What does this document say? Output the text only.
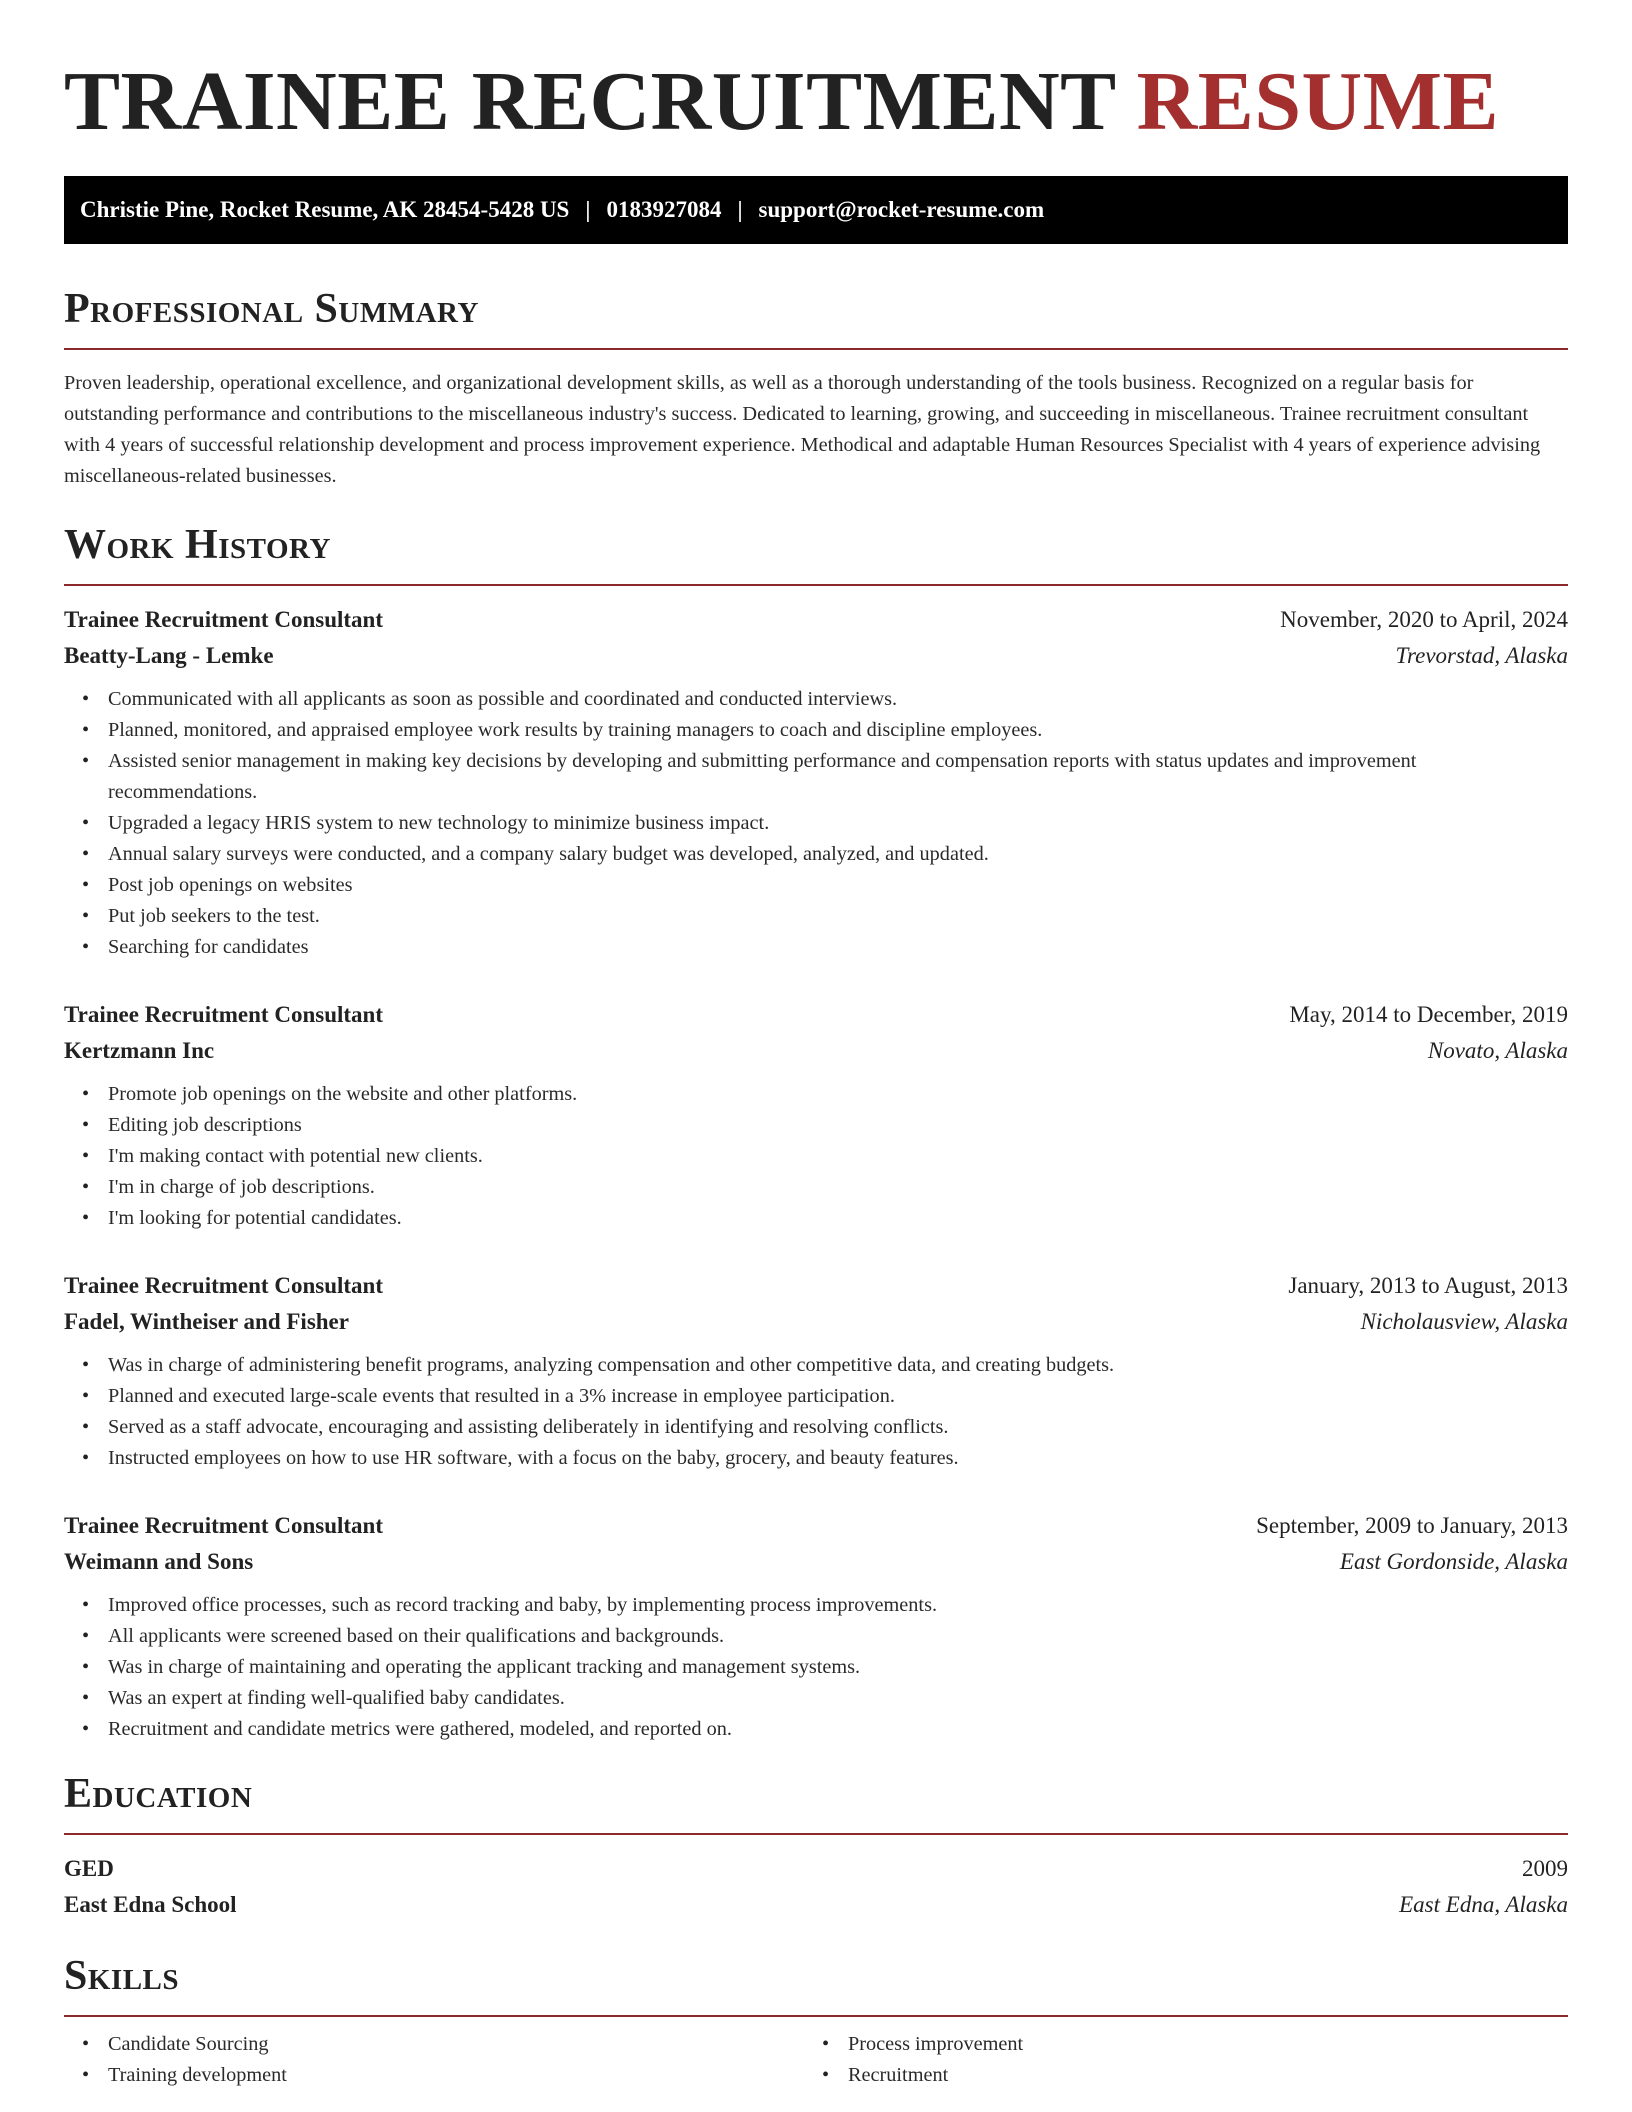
TRAINEE RECRUITMENT RESUME
Christie Pine, Rocket Resume, AK 28454-5428 US | 0183927084 | support@rocket-resume.com
Professional Summary

Proven leadership, operational excellence, and organizational development skills, as well as a thorough understanding of the tools business. Recognized on a regular basis for outstanding performance and contributions to the miscellaneous industry's success. Dedicated to learning, growing, and succeeding in miscellaneous. Trainee recruitment consultant with 4 years of successful relationship development and process improvement experience. Methodical and adaptable Human Resources Specialist with 4 years of experience advising miscellaneous-related businesses.

Work History
Trainee Recruitment Consultant	November, 2020 to April, 2024
Beatty-Lang - Lemke	Trevorstad, Alaska
• Communicated with all applicants as soon as possible and coordinated and conducted interviews.
• Planned, monitored, and appraised employee work results by training managers to coach and discipline employees.
• Assisted senior management in making key decisions by developing and submitting performance and compensation reports with status updates and improvement recommendations.
• Upgraded a legacy HRIS system to new technology to minimize business impact.
• Annual salary surveys were conducted, and a company salary budget was developed, analyzed, and updated.
• Post job openings on websites
• Put job seekers to the test.
• Searching for candidates
Trainee Recruitment Consultant	May, 2014 to December, 2019
Kertzmann Inc	Novato, Alaska
• Promote job openings on the website and other platforms.
• Editing job descriptions
• I'm making contact with potential new clients.
• I'm in charge of job descriptions.
• I'm looking for potential candidates.
Trainee Recruitment Consultant	January, 2013 to August, 2013
Fadel, Wintheiser and Fisher	Nicholausview, Alaska
• Was in charge of administering benefit programs, analyzing compensation and other competitive data, and creating budgets.
• Planned and executed large-scale events that resulted in a 3% increase in employee participation.
• Served as a staff advocate, encouraging and assisting deliberately in identifying and resolving conflicts.
• Instructed employees on how to use HR software, with a focus on the baby, grocery, and beauty features.
Trainee Recruitment Consultant	September, 2009 to January, 2013
Weimann and Sons	East Gordonside, Alaska
• Improved office processes, such as record tracking and baby, by implementing process improvements.
• All applicants were screened based on their qualifications and backgrounds.
• Was in charge of maintaining and operating the applicant tracking and management systems.
• Was an expert at finding well-qualified baby candidates.
• Recruitment and candidate metrics were gathered, modeled, and reported on.
Education
GED	2009
East Edna School	East Edna, Alaska
Skills
• Candidate Sourcing
• Training development
• Process improvement
• Recruitment
